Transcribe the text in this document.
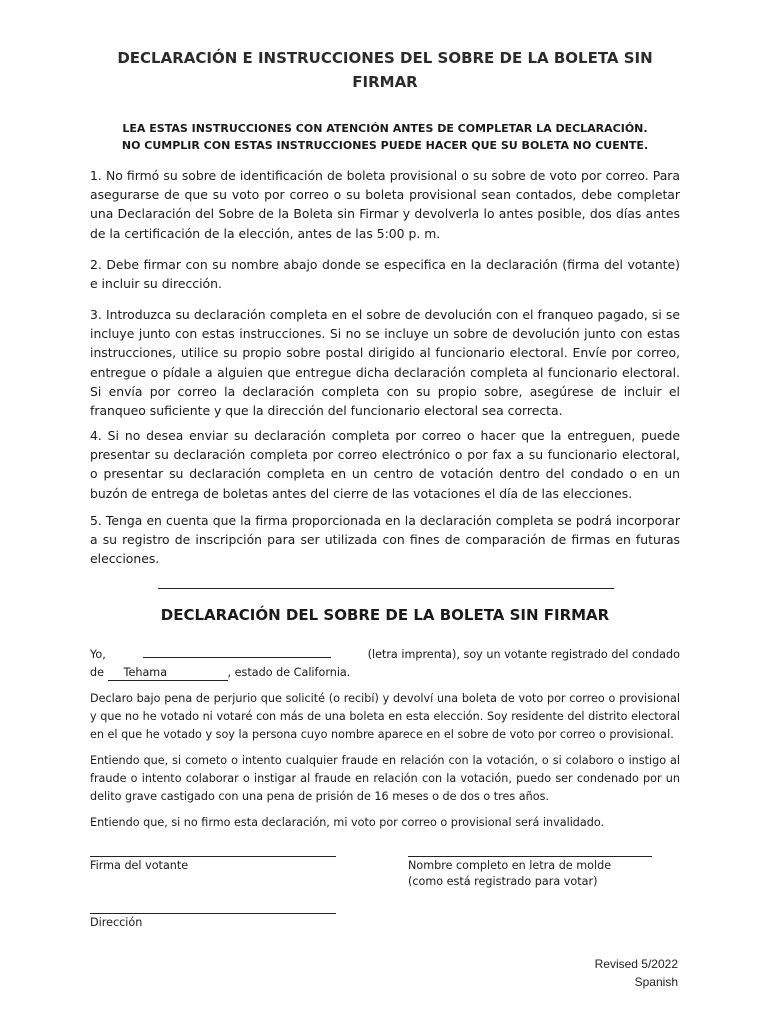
DECLARACIÓN E INSTRUCCIONES DEL SOBRE DE LA BOLETA SIN FIRMAR
LEA ESTAS INSTRUCCIONES CON ATENCIÓN ANTES DE COMPLETAR LA DECLARACIÓN.
NO CUMPLIR CON ESTAS INSTRUCCIONES PUEDE HACER QUE SU BOLETA NO CUENTE.

1. No firmó su sobre de identificación de boleta provisional o su sobre de voto por correo. Para asegurarse de que su voto por correo o su boleta provisional sean contados, debe completar una Declaración del Sobre de la Boleta sin Firmar y devolverla lo antes posible, dos días antes de la certificación de la elección, antes de las 5:00 p. m.

2. Debe firmar con su nombre abajo donde se especifica en la declaración (firma del votante) e incluir su dirección.

3. Introduzca su declaración completa en el sobre de devolución con el franqueo pagado, si se incluye junto con estas instrucciones. Si no se incluye un sobre de devolución junto con estas instrucciones, utilice su propio sobre postal dirigido al funcionario electoral. Envíe por correo, entregue o pídale a alguien que entregue dicha declaración completa al funcionario electoral. Si envía por correo la declaración completa con su propio sobre, asegúrese de incluir el franqueo suficiente y que la dirección del funcionario electoral sea correcta.

4. Si no desea enviar su declaración completa por correo o hacer que la entreguen, puede presentar su declaración completa por correo electrónico o por fax a su funcionario electoral, o presentar su declaración completa en un centro de votación dentro del condado o en un buzón de entrega de boletas antes del cierre de las votaciones el día de las elecciones.

5. Tenga en cuenta que la firma proporcionada en la declaración completa se podrá incorporar a su registro de inscripción para ser utilizada con fines de comparación de firmas en futuras elecciones.

DECLARACIÓN DEL SOBRE DE LA BOLETA SIN FIRMAR
Yo,	(letra imprenta), soy un votante registrado del condado
de Tehama	, estado de California.

Declaro bajo pena de perjurio que solicité (o recibí) y devolví una boleta de voto por correo o provisional y que no he votado ni votaré con más de una boleta en esta elección. Soy residente del distrito electoral en el que he votado y soy la persona cuyo nombre aparece en el sobre de voto por correo o provisional.

Entiendo que, si cometo o intento cualquier fraude en relación con la votación, o si colaboro o instigo al fraude o intento colaborar o instigar al fraude en relación con la votación, puedo ser condenado por un delito grave castigado con una pena de prisión de 16 meses o de dos o tres años.

Entiendo que, si no firmo esta declaración, mi voto por correo o provisional será invalidado.

Firma del votante	Nombre completo en letra de molde
(como está registrado para votar)
Dirección
Revised 5/2022
Spanish
